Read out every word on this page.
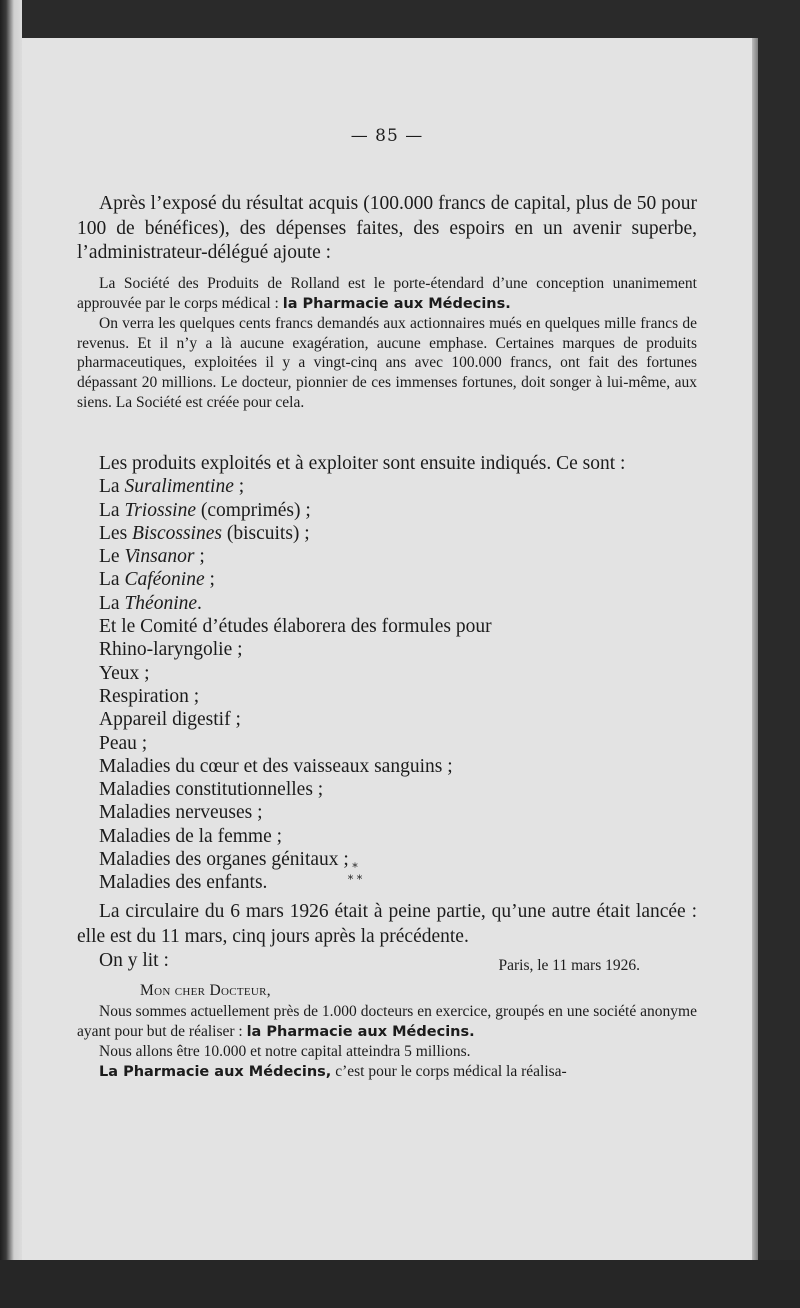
— 85 —

Après l’exposé du résultat acquis (100.000 francs de capital, plus de 50 pour 100 de bénéfices), des dépenses faites, des espoirs en un avenir superbe, l’administrateur-délégué ajoute :

La Société des Produits de Rolland est le porte-étendard d’une conception unanimement approuvée par le corps médical : la Pharmacie aux Médecins.

On verra les quelques cents francs demandés aux actionnaires mués en quelques mille francs de revenus. Et il n’y a là aucune exagération, aucune emphase. Certaines marques de produits pharmaceutiques, exploitées il y a vingt-cinq ans avec 100.000 francs, ont fait des fortunes dépassant 20 millions. Le docteur, pionnier de ces immenses fortunes, doit songer à lui-même, aux siens. La Société est créée pour cela.

Les produits exploités et à exploiter sont ensuite indiqués. Ce sont :

La Suralimentine ;

La Triossine (comprimés) ;

Les Biscossines (biscuits) ;

Le Vinsanor ;

La Caféonine ;

La Théonine.

Et le Comité d’études élaborera des formules pour

Rhino-laryngolie ;

Yeux ;

Respiration ;

Appareil digestif ;

Peau ;

Maladies du cœur et des vaisseaux sanguins ;

Maladies constitutionnelles ;

Maladies nerveuses ;

Maladies de la femme ;

Maladies des organes génitaux ;

Maladies des enfants.

*
* *

La circulaire du 6 mars 1926 était à peine partie, qu’une autre était lancée : elle est du 11 mars, cinq jours après la précédente.

On y lit :	Paris, le 11 mars 1926.
Mon cher Docteur,

Nous sommes actuellement près de 1.000 docteurs en exercice, groupés en une société anonyme ayant pour but de réaliser : la Pharmacie aux Médecins.

Nous allons être 10.000 et notre capital atteindra 5 millions.

La Pharmacie aux Médecins, c’est pour le corps médical la réalisa-
